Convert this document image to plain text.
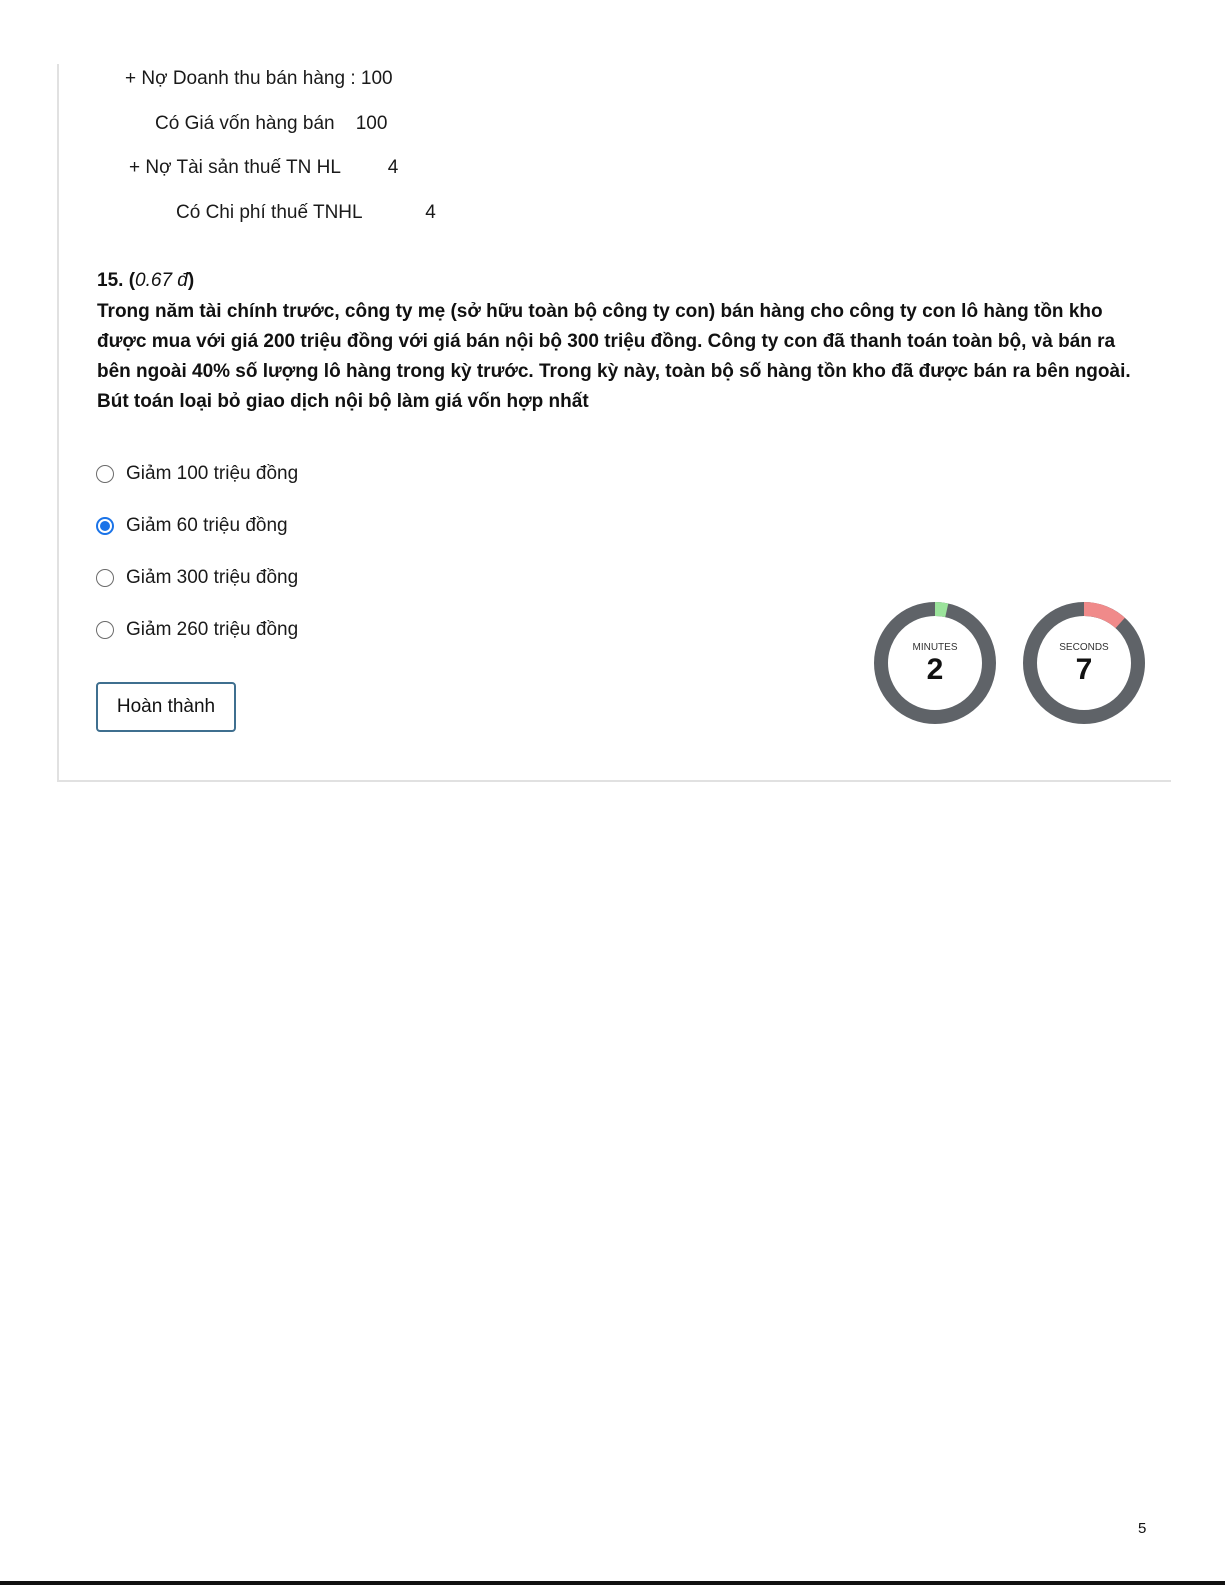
+ Nợ Doanh thu bán hàng : 100
Có Giá vốn hàng bán    100
+ Nợ Tài sản thuế TN HL         4
Có Chi phí thuế TNHL            4
15. (0.67 đ)
Trong năm tài chính trước, công ty mẹ (sở hữu toàn bộ công ty con) bán hàng cho công ty con lô hàng tồn kho được mua với giá 200 triệu đồng với giá bán nội bộ 300 triệu đồng. Công ty con đã thanh toán toàn bộ, và bán ra bên ngoài 40% số lượng lô hàng trong kỳ trước. Trong kỳ này, toàn bộ số hàng tồn kho đã được bán ra bên ngoài. Bút toán loại bỏ giao dịch nội bộ làm giá vốn hợp nhất
Giảm 100 triệu đồng
Giảm 60 triệu đồng
Giảm 300 triệu đồng
Giảm 260 triệu đồng
Hoàn thành
MINUTES
2
SECONDS
7
5
